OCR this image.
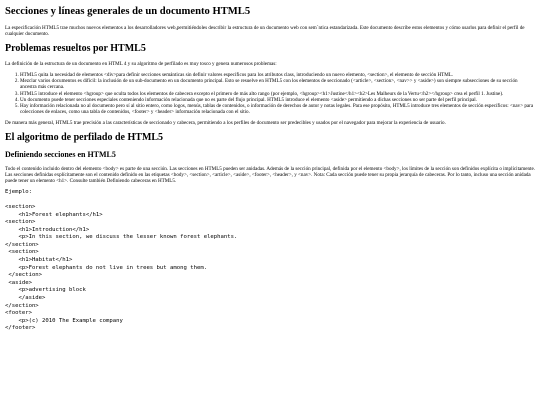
Secciones y líneas generales de un documento HTML5

La especificación HTML5 trae muchos nuevos elementos a los desarrolladores web,permitiéndoles describir la estructura de un documento web con sem´ntica estandarizada. Este documento describe estos elementos y cómo usarlos para definir el perfil de cualquier documento.

Problemas resueltos por HTML5

La definición de la estructura de un documento en HTML 4 y su algoritmo de perfilado es muy tosco y genera numerosos problemas:

1. HTML5 quita la necesidad de elementos <div>para definir secciones semánticas sin definir valores específicos para los atributos class, introduciendo un nuevo elemento, <section>, el elemento de sección HTML.
2. Mezclar varios documentos es difícil: la inclusión de un sub-documento en un documento principal. Esto se resuelve en HTML5 con los elementos de seccionado (<article>, <section>, <nav>> y <aside>) son siempre subsecciones de su sección ancestra más cercana.
3. HTML5 introduce el elemento <hgroup> que oculta todos los elementos de cabecera excepto el primero de más alto rango (por ejemplo, <hgroup><h1>Justine</h1><h2>Les Malheurs de la Vertu</h2></hgroup> crea el perfil 1. Justine).
4. Un documento puede tener secciones especiales conteniendo información relacionada que no es parte del flujo principal. HTML5 introduce el elemento <aside> permitiendo a dichas secciones no ser parte del perfil principal.
5. Hay información relacionada no al documento pero sí al sitio entero, como logos, menús, tablas de contenidos, o información de derechos de autor y notas legales. Para ese propósito, HTML5 introduce tres elementos de sección específicos: <nav> para colecciones de enlaces, como una tabla de contenidos, <footer> y <header> información relacionada con el sitio.

De manera más general, HTML5 trae precisión a las características de seccionado y cabecera, permitiendo a los perfiles de documento ser predecibles y usados por el navegador para mejorar la experiencia de usuario.

El algoritmo de perfilado de HTML5
Definiendo secciones en HTML5

Todo el contenido incluido dentro del elemento <body> es parte de una sección. Las secciones en HTML5 pueden ser anidadas. Además de la sección principal, definida por el elemento <body>, los límites de la sección son definidos explícita o implícitamente. Las secciones definidas explícitamente son el contenido definido en las etiquetas <body>, <section>, <article>, <aside>, <footer>, <header>, y <nav>. Nota: Cada sección puede tener su propia jerarquía de cabeceras. Por lo tanto, incluso una sección anidada puede tener un elemento <h1>. Consulte también Definiendo cabeceras en HTML5.

Ejemplo:
<section>
<h1>Forest elephants</h1>
<section>
<h1>Introduction</h1>
<p>In this section, we discuss the lesser known forest elephants.
</section>
<section>
<h1>Habitat</h1>
<p>Forest elephants do not live in trees but among them.
</section>
<aside>
<p>advertising block
</aside>
</section>
<footer>
<p>(c) 2010 The Example company
</footer>
